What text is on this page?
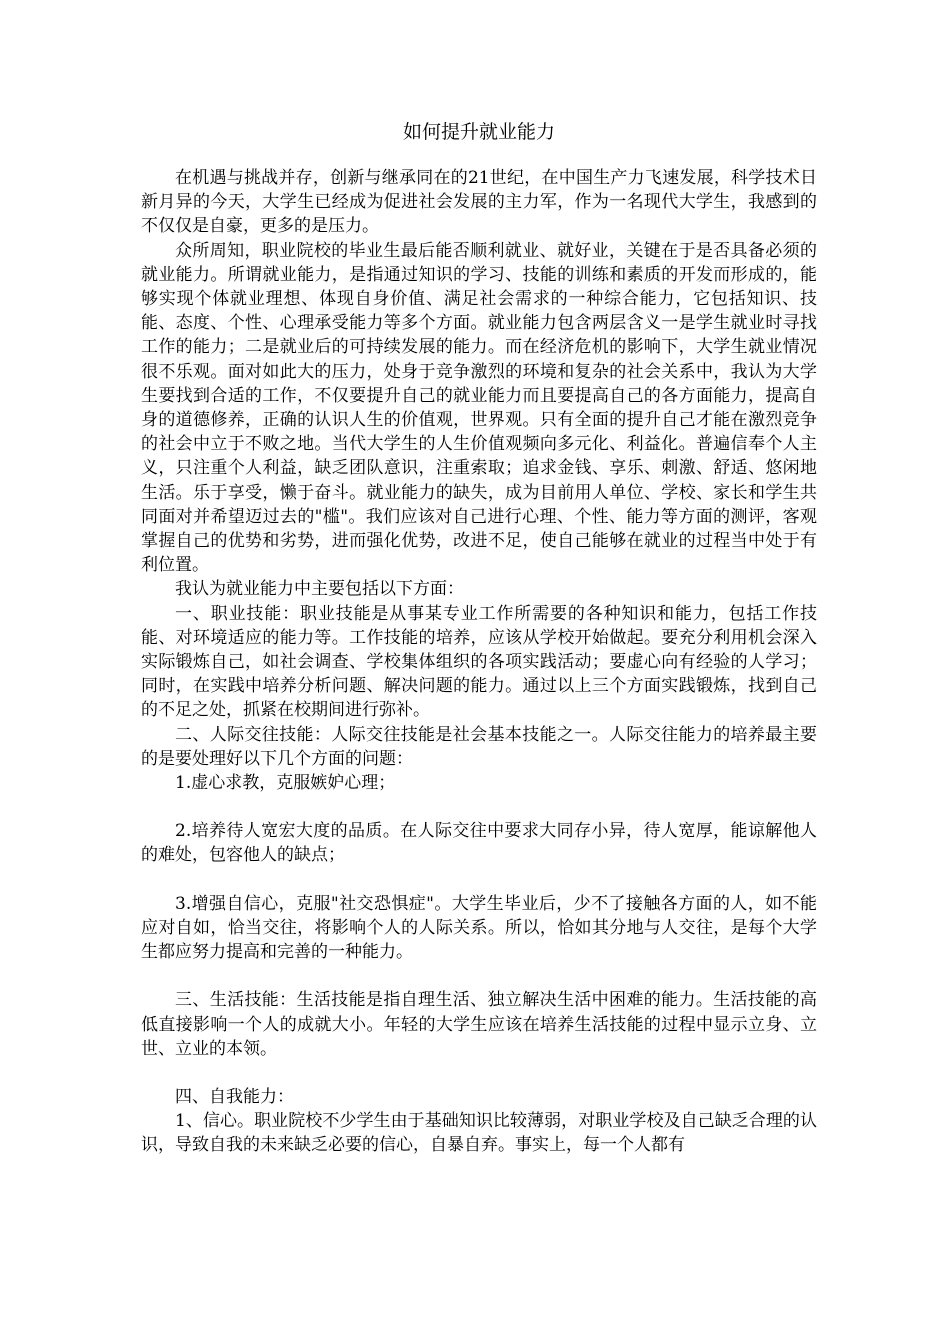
如何提升就业能力

在机遇与挑战并存，创新与继承同在的21世纪，在中国生产力飞速发展，科学技术日新月异的今天，大学生已经成为促进社会发展的主力军，作为一名现代大学生，我感到的不仅仅是自豪，更多的是压力。

众所周知，职业院校的毕业生最后能否顺利就业、就好业，关键在于是否具备必须的就业能力。所谓就业能力，是指通过知识的学习、技能的训练和素质的开发而形成的，能够实现个体就业理想、体现自身价值、满足社会需求的一种综合能力，它包括知识、技能、态度、个性、心理承受能力等多个方面。就业能力包含两层含义一是学生就业时寻找工作的能力；二是就业后的可持续发展的能力。而在经济危机的影响下，大学生就业情况很不乐观。面对如此大的压力，处身于竞争激烈的环境和复杂的社会关系中，我认为大学生要找到合适的工作，不仅要提升自己的就业能力而且要提高自己的各方面能力，提高自身的道德修养，正确的认识人生的价值观，世界观。只有全面的提升自己才能在激烈竞争的社会中立于不败之地。当代大学生的人生价值观频向多元化、利益化。普遍信奉个人主义，只注重个人利益，缺乏团队意识，注重索取；追求金钱、享乐、刺激、舒适、悠闲地生活。乐于享受，懒于奋斗。就业能力的缺失，成为目前用人单位、学校、家长和学生共同面对并希望迈过去的"槛"。我们应该对自己进行心理、个性、能力等方面的测评，客观掌握自己的优势和劣势，进而强化优势，改进不足，使自己能够在就业的过程当中处于有利位置。

我认为就业能力中主要包括以下方面：

一、职业技能：职业技能是从事某专业工作所需要的各种知识和能力，包括工作技能、对环境适应的能力等。工作技能的培养，应该从学校开始做起。要充分利用机会深入实际锻炼自己，如社会调查、学校集体组织的各项实践活动；要虚心向有经验的人学习；同时，在实践中培养分析问题、解决问题的能力。通过以上三个方面实践锻炼，找到自己的不足之处，抓紧在校期间进行弥补。

二、人际交往技能：人际交往技能是社会基本技能之一。人际交往能力的培养最主要的是要处理好以下几个方面的问题：

1.虚心求教，克服嫉妒心理；

2.培养待人宽宏大度的品质。在人际交往中要求大同存小异，待人宽厚，能谅解他人的难处，包容他人的缺点；

3.增强自信心，克服"社交恐惧症"。大学生毕业后，少不了接触各方面的人，如不能应对自如，恰当交往，将影响个人的人际关系。所以，恰如其分地与人交往，是每个大学生都应努力提高和完善的一种能力。

三、生活技能：生活技能是指自理生活、独立解决生活中困难的能力。生活技能的高低直接影响一个人的成就大小。年轻的大学生应该在培养生活技能的过程中显示立身、立世、立业的本领。

四、自我能力：

1、信心。职业院校不少学生由于基础知识比较薄弱，对职业学校及自己缺乏合理的认识，导致自我的未来缺乏必要的信心，自暴自弃。事实上，每一个人都有
